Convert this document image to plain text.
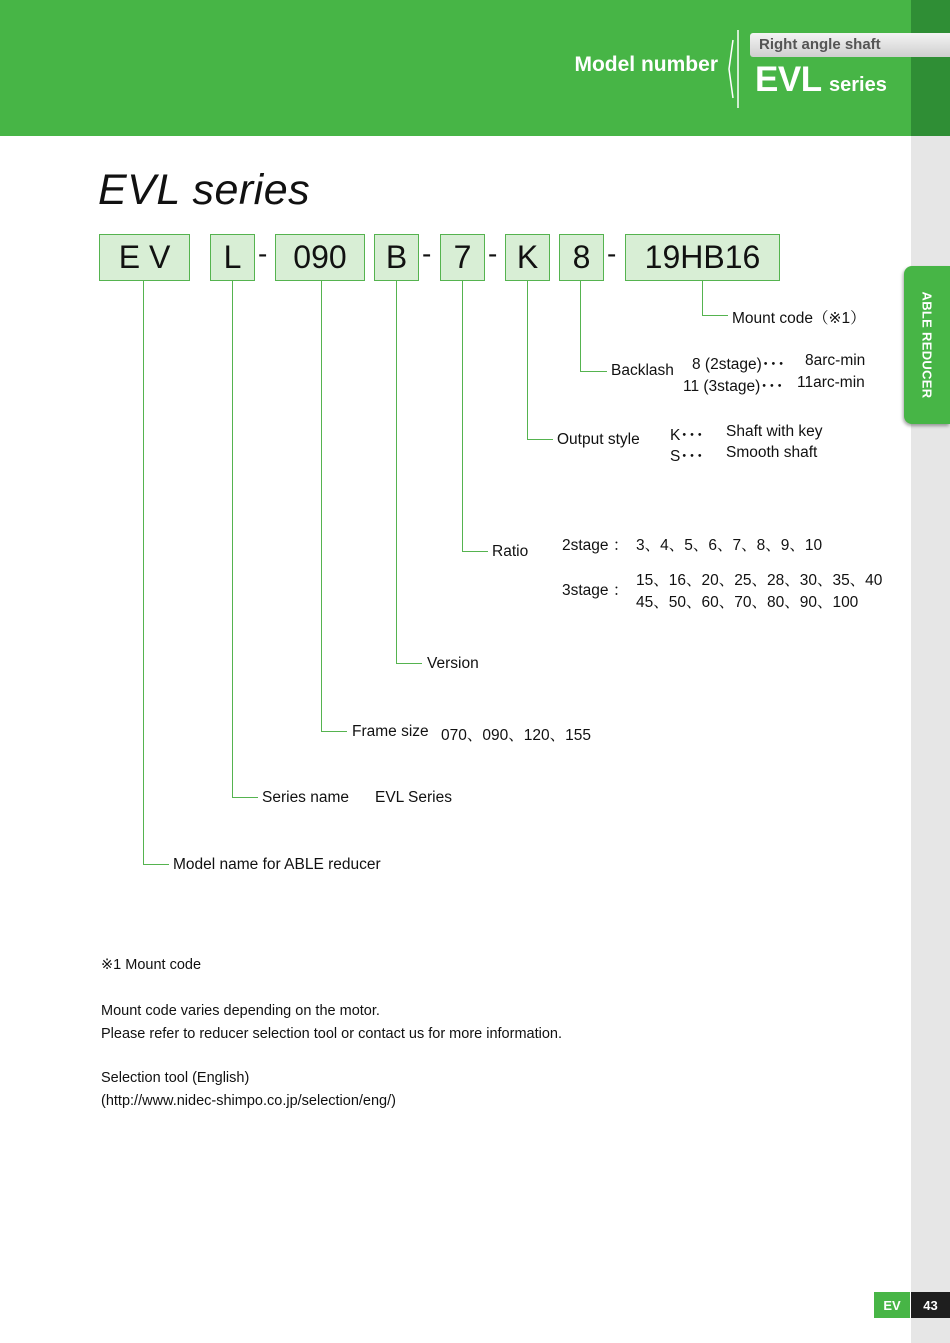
Model number
Right angle shaft
EVL series
ABLE REDUCER
EVL series
E V	L - 090	B - 7 - K	8 - 19HB16
Mount code（※1）
Backlash 8 (2stage)･･･ 8arc-min
11 (3stage)･･･ 11arc-min
Output style K･･･ Shaft with key
S･･･ Smooth shaft
Ratio 2stage ： 3、4、5、6、7、8、9、10
3stage ：
15、16、20、25、28、30、35、40
45、50、60、70、80、90、100
Version
Frame size 070、090、120、155
Series name EVL Series
Model name for ABLE reducer
※1 Mount code
Mount code varies depending on the motor.
Please refer to reducer selection tool or contact us for more information.
Selection tool (English)
(http://www.nidec-shimpo.co.jp/selection/eng/)
EV	43
